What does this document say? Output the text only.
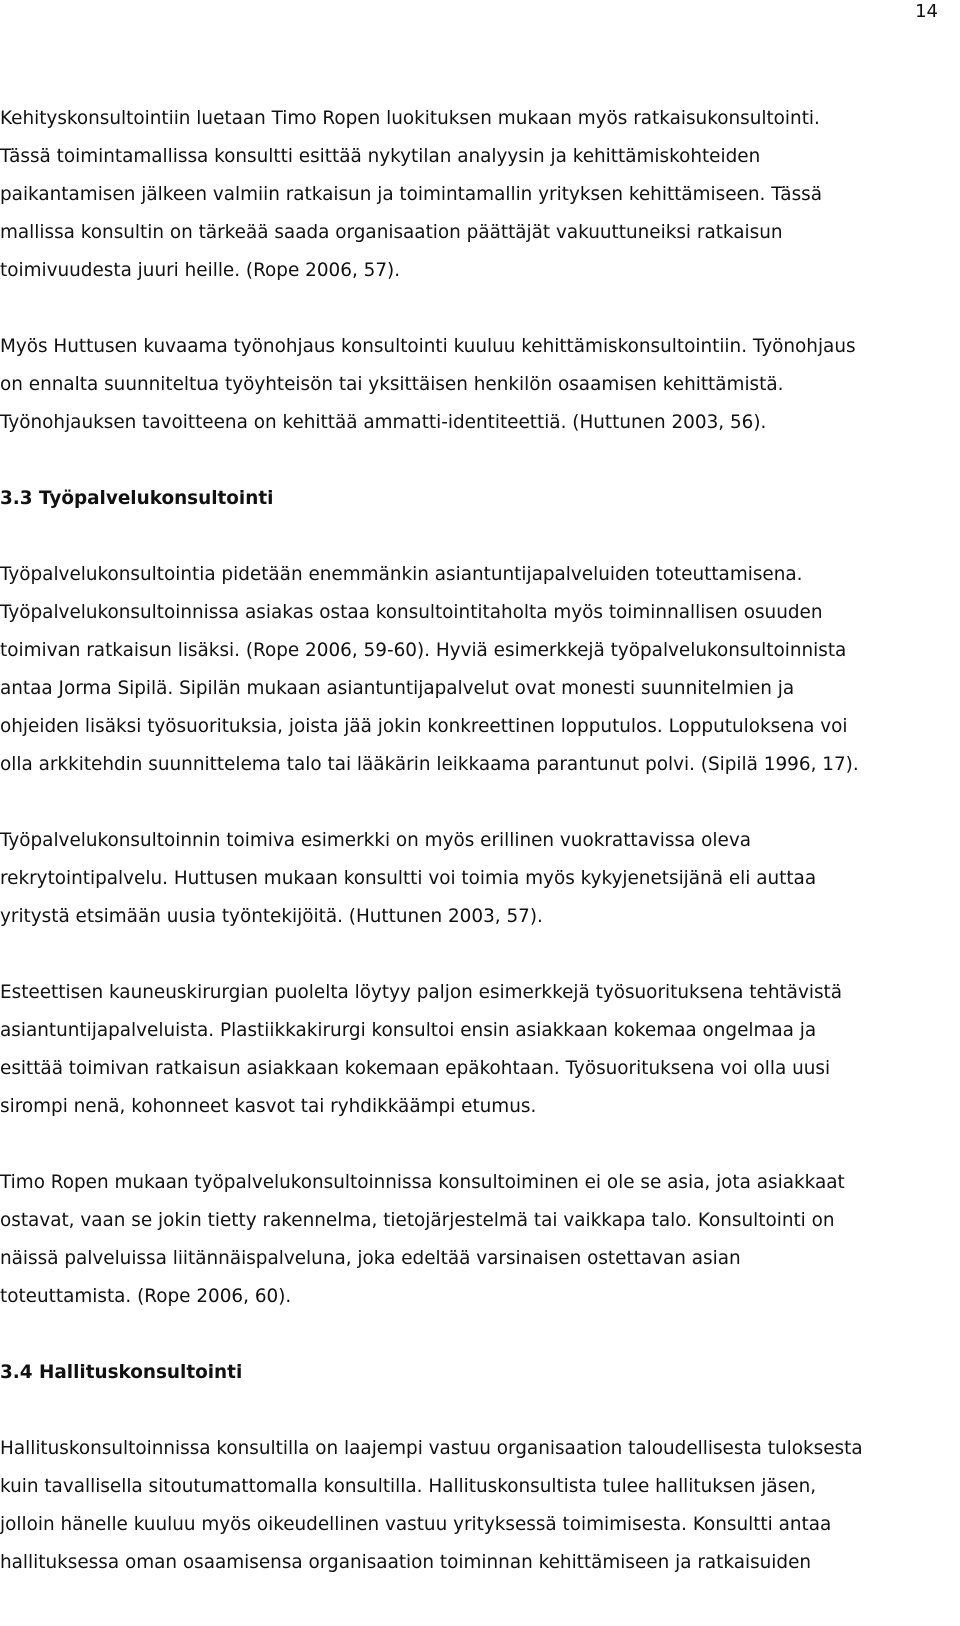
14

Kehityskonsultointiin luetaan Timo Ropen luokituksen mukaan myös ratkaisukonsultointi.
Tässä toimintamallissa konsultti esittää nykytilan analyysin ja kehittämiskohteiden
paikantamisen jälkeen valmiin ratkaisun ja toimintamallin yrityksen kehittämiseen. Tässä
mallissa konsultin on tärkeää saada organisaation päättäjät vakuuttuneiksi ratkaisun
toimivuudesta juuri heille. (Rope 2006, 57).

Myös Huttusen kuvaama työnohjaus konsultointi kuuluu kehittämiskonsultointiin. Työnohjaus
on ennalta suunniteltua työyhteisön tai yksittäisen henkilön osaamisen kehittämistä.
Työnohjauksen tavoitteena on kehittää ammatti-identiteettiä. (Huttunen 2003, 56).

3.3 Työpalvelukonsultointi

Työpalvelukonsultointia pidetään enemmänkin asiantuntijapalveluiden toteuttamisena.
Työpalvelukonsultoinnissa asiakas ostaa konsultointitaholta myös toiminnallisen osuuden
toimivan ratkaisun lisäksi. (Rope 2006, 59-60). Hyviä esimerkkejä työpalvelukonsultoinnista
antaa Jorma Sipilä. Sipilän mukaan asiantuntijapalvelut ovat monesti suunnitelmien ja
ohjeiden lisäksi työsuorituksia, joista jää jokin konkreettinen lopputulos. Lopputuloksena voi
olla arkkitehdin suunnittelema talo tai lääkärin leikkaama parantunut polvi. (Sipilä 1996, 17).

Työpalvelukonsultoinnin toimiva esimerkki on myös erillinen vuokrattavissa oleva
rekrytointipalvelu. Huttusen mukaan konsultti voi toimia myös kykyjenetsijänä eli auttaa
yritystä etsimään uusia työntekijöitä. (Huttunen 2003, 57).

Esteettisen kauneuskirurgian puolelta löytyy paljon esimerkkejä työsuorituksena tehtävistä
asiantuntijapalveluista. Plastiikkakirurgi konsultoi ensin asiakkaan kokemaa ongelmaa ja
esittää toimivan ratkaisun asiakkaan kokemaan epäkohtaan. Työsuorituksena voi olla uusi
sirompi nenä, kohonneet kasvot tai ryhdikkäämpi etumus.

Timo Ropen mukaan työpalvelukonsultoinnissa konsultoiminen ei ole se asia, jota asiakkaat
ostavat, vaan se jokin tietty rakennelma, tietojärjestelmä tai vaikkapa talo. Konsultointi on
näissä palveluissa liitännäispalveluna, joka edeltää varsinaisen ostettavan asian
toteuttamista. (Rope 2006, 60).

3.4 Hallituskonsultointi

Hallituskonsultoinnissa konsultilla on laajempi vastuu organisaation taloudellisesta tuloksesta
kuin tavallisella sitoutumattomalla konsultilla. Hallituskonsultista tulee hallituksen jäsen,
jolloin hänelle kuuluu myös oikeudellinen vastuu yrityksessä toimimisesta. Konsultti antaa
hallituksessa oman osaamisensa organisaation toiminnan kehittämiseen ja ratkaisuiden
